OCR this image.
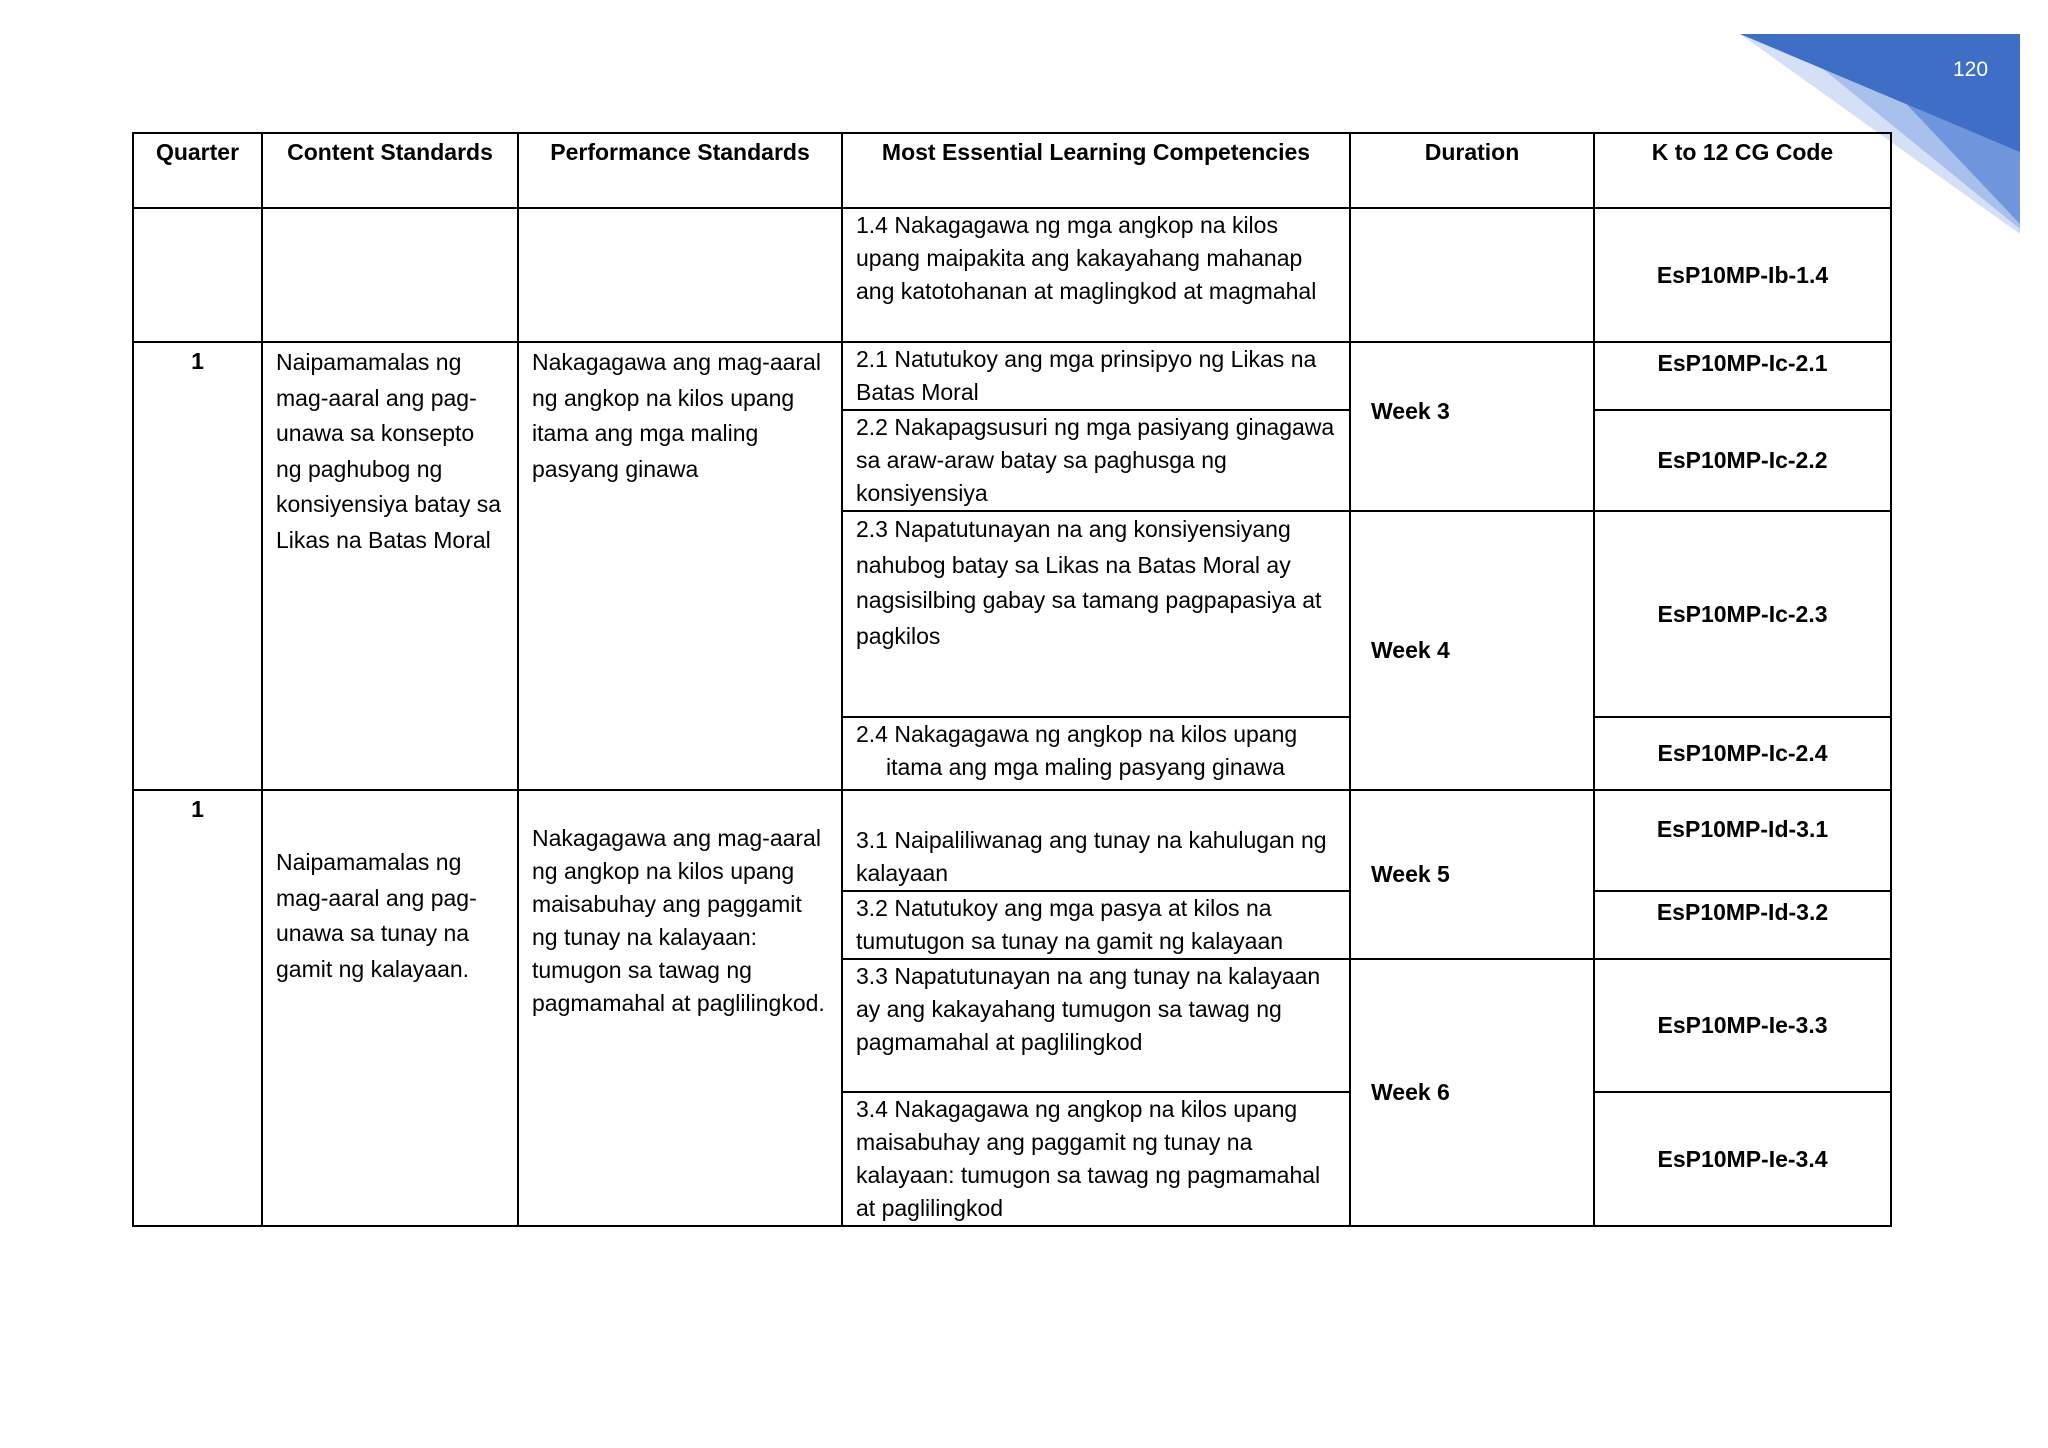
120
Quarter	Content Standards	Performance Standards	Most Essential Learning Competencies	Duration	K to 12 CG Code

			1.4 Nakagagawa ng mga angkop na kilos upang maipakita ang kakayahang mahanap ang katotohanan at maglingkod at magmahal		EsP10MP-Ib-1.4

1	Naipamamalas ng mag-aaral ang pag-unawa sa konsepto ng paghubog ng konsiyensiya batay sa Likas na Batas Moral	Nakagagawa ang mag-aaral ng angkop na kilos upang itama ang mga maling pasyang ginawa	2.1 Natutukoy ang mga prinsipyo ng Likas na Batas Moral	Week 3	EsP10MP-Ic-2.1

			2.2 Nakapagsusuri ng mga pasiyang ginagawa sa araw-araw batay sa paghusga ng konsiyensiya		EsP10MP-Ic-2.2

			2.3 Napatutunayan na ang konsiyensiyang nahubog batay sa Likas na Batas Moral ay nagsisilbing gabay sa tamang pagpapasiya at pagkilos	Week 4	EsP10MP-Ic-2.3

			2.4 Nakagagawa ng angkop na kilos upang itama ang mga maling pasyang ginawa		EsP10MP-Ic-2.4

1	Naipamamalas ng mag-aaral ang pag-unawa sa tunay na gamit ng kalayaan.	Nakagagawa ang mag-aaral ng angkop na kilos upang maisabuhay ang paggamit ng tunay na kalayaan: tumugon sa tawag ng pagmamahal at paglilingkod.	3.1 Naipaliliwanag ang tunay na kahulugan ng kalayaan	Week 5	EsP10MP-Id-3.1

			3.2 Natutukoy ang mga pasya at kilos na tumutugon sa tunay na gamit ng kalayaan		EsP10MP-Id-3.2

			3.3 Napatutunayan na ang tunay na kalayaan ay ang kakayahang tumugon sa tawag ng pagmamahal at paglilingkod	Week 6	EsP10MP-Ie-3.3

			3.4 Nakagagawa ng angkop na kilos upang maisabuhay ang paggamit ng tunay na kalayaan: tumugon sa tawag ng pagmamahal at paglilingkod		EsP10MP-Ie-3.4
